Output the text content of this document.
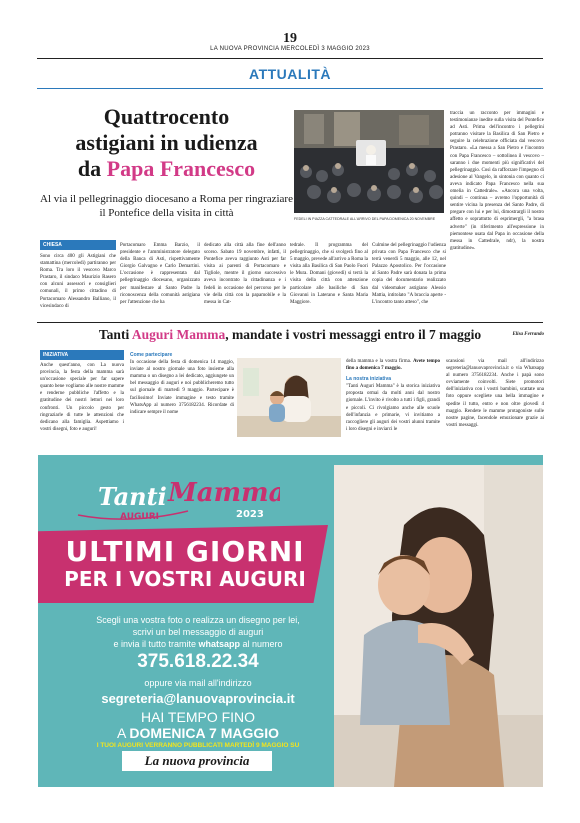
19
LA NUOVA PROVINCIA MERCOLEDÌ 3 MAGGIO 2023
ATTUALITÀ
Quattrocento
astigiani in udienza
da Papa Francesco
Al via il pellegrinaggio diocesano a Roma per ringraziare il Pontefice della visita in città	FEDELI IN PIAZZA CATTEDRALE ALL'ARRIVO DEL PAPA DOMENICA 20 NOVEMBRE
CHIESA
Sono circa 400 gli Astigiani che stamattina (mercoledì) partiranno per Roma. Tra loro il vescovo Marco Prastaro, il sindaco Maurizio Rasero con alcuni assessori e consiglieri comunali, il primo cittadino di Portacomaro Alessandro Balliano, il vicesindaco di
Portacomaro Emma Barzio, il presidente e l'amministratore delegato della Banca di Asti, rispettivamente Giorgio Galvagno e Carlo Demartini. L'occasione è rappresentata dal pellegrinaggio diocesano, organizzato per manifestare al Santo Padre la riconoscenza della comunità astigiana per l'attenzione che ha
dedicato alla città alla fine dell'anno scorso. Sabato 19 novembre, infatti, il Pontefice aveva raggiunto Asti per far visita ai parenti di Portacomaro e Tigliole, mentre il giorno successivo aveva incontrato la cittadinanza e i fedeli in occasione del percorso per le vie della città con la papamobile e la messa in Cat-
tedrale. Il programma del pellegrinaggio, che si svolgerà fino al 5 maggio, prevede all'arrivo a Roma la visita alla Basilica di San Paolo Fuori le Mura. Domani (giovedì) si terrà la visita della città con attenzione particolare alle basiliche di San Giovanni in Laterano e Santa Maria Maggiore.
Culmine del pellegrinaggio l'udienza privata con Papa Francesco che si terrà venerdì 5 maggio, alle 12, nel Palazzo Apostolico. Per l'occasione al Santo Padre sarà donata la prima copia del documentario realizzato dal videomaker astigiano Alessio Mattia, intitolato "A braccia aperte - L'incontro tanto atteso", che
traccia un racconto per immagini e testimonianze inedite sulla visita del Pontefice ad Asti. Prima dell'incontro i pellegrini potranno visitare la Basilica di San Pietro e seguire la celebrazione officiata dal vescovo Prastaro. «La messa a San Pietro e l'incontro con Papa Francesco – sottolinea il vescovo – saranno i due momenti più significativi del pellegrinaggio. Così da rafforzare l'impegno di adesione al Vangelo, in sintonia con quanto ci aveva indicato Papa Francesco nella sua omelia in Cattedrale». «Ancora una volta, quindi – continua – avremo l'opportunità di sentire vicina la presenza del Santo Padre, di pregare con lui e per lui, dimostrargli il nostro affetto e soprattutto di esprimergli, "a brasa adverte" (in riferimento all'espressione in piemontese usata dal Papa in occasione della messa in Cattedrale, ndr), la nostra gratitudine».
Elisa Ferrando
Tanti Auguri Mamma, mandate i vostri messaggi entro il 7 maggio
INIZIATIVA
Anche quest'anno, con La nuova provincia, la festa della mamma sarà un'occasione speciale per far sapere quanto bene vogliamo alle nostre mamme e renderne pubbliche l'affetto e la gratitudine dei nostri lettori nei loro confronti. Un piccolo gesto per ringraziarle di tutte le attenzioni che dedicano alla famiglia. Aspettiamo i vostri disegni, foto e auguri!
Come partecipare
In occasione della festa di domenica 14 maggio, inviate al nostro giornale una foto insieme alla mamma o un disegno a lei dedicato, aggiungete un bel messaggio di auguri e noi pubblicheremo tutto sul giornale di martedì 9 maggio. Partecipare è facilissimo! Inviate immagine e testo tramite WhatsApp al numero 3756182234. Ricordate di indicare sempre il nome
della mamma e la vostra firma. Avete tempo fino a domenica 7 maggio.
La nostra iniziativa
"Tanti Auguri Mamma" è la storica iniziativa proposta ormai da molti anni dal nostro giornale. L'invito è rivolto a tutti i figli, grandi e piccoli. Ci rivolgiamo anche alle scuole dell'infanzia e primarie, vi invitiamo a raccogliere gli auguri dei vostri alunni tramite i loro disegni e inviarci le
scansioni via mail all'indirizzo segreteria@lanuovaprovincia.it o via Whatsapp al numero 3756182234. Anche i papà sono ovviamente coinvolti. Siete promotori dell'iniziativa con i vostri bambini, scattate una foto oppure scegliete una bella immagine e spedite il tutto, entro e non oltre giovedì 4 maggio. Rendete le mamme protagoniste sulle nostre pagine, facendole emozionare grazie ai vostri messaggi.
Tanti
AUGURI
Mamma
2023
ULTIMI GIORNI
PER I VOSTRI AUGURI
Scegli una vostra foto o realizza un disegno per lei,
scrivi un bel messaggio di auguri
e invia il tutto tramite whatsapp al numero
375.618.22.34
oppure via mail all'indirizzo
segreteria@lanuovaprovincia.it
HAI TEMPO FINO
A DOMENICA 7 MAGGIO
I TUOI AUGURI VERRANNO PUBBLICATI MARTEDÌ 9 MAGGIO SU
La nuova provincia
